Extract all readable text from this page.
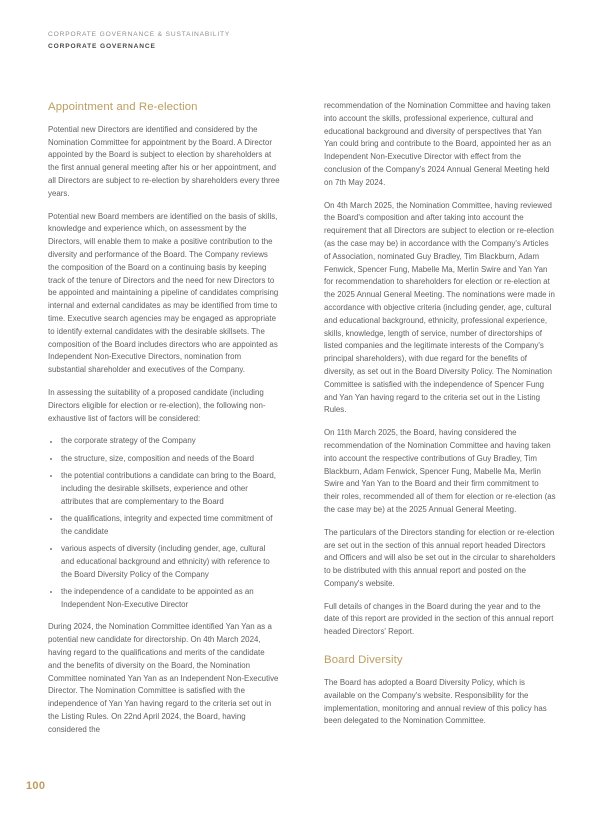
CORPORATE GOVERNANCE & SUSTAINABILITY
CORPORATE GOVERNANCE
Appointment and Re-election

Potential new Directors are identified and considered by the Nomination Committee for appointment by the Board. A Director appointed by the Board is subject to election by shareholders at the first annual general meeting after his or her appointment, and all Directors are subject to re-election by shareholders every three years.

Potential new Board members are identified on the basis of skills, knowledge and experience which, on assessment by the Directors, will enable them to make a positive contribution to the diversity and performance of the Board. The Company reviews the composition of the Board on a continuing basis by keeping track of the tenure of Directors and the need for new Directors to be appointed and maintaining a pipeline of candidates comprising internal and external candidates as may be identified from time to time. Executive search agencies may be engaged as appropriate to identify external candidates with the desirable skillsets. The composition of the Board includes directors who are appointed as Independent Non-Executive Directors, nomination from substantial shareholder and executives of the Company.

In assessing the suitability of a proposed candidate (including Directors eligible for election or re-election), the following non-exhaustive list of factors will be considered:

the corporate strategy of the Company
the structure, size, composition and needs of the Board
the potential contributions a candidate can bring to the Board, including the desirable skillsets, experience and other attributes that are complementary to the Board
the qualifications, integrity and expected time commitment of the candidate
various aspects of diversity (including gender, age, cultural and educational background and ethnicity) with reference to the Board Diversity Policy of the Company
the independence of a candidate to be appointed as an Independent Non-Executive Director

During 2024, the Nomination Committee identified Yan Yan as a potential new candidate for directorship. On 4th March 2024, having regard to the qualifications and merits of the candidate and the benefits of diversity on the Board, the Nomination Committee nominated Yan Yan as an Independent Non-Executive Director. The Nomination Committee is satisfied with the independence of Yan Yan having regard to the criteria set out in the Listing Rules. On 22nd April 2024, the Board, having considered the

recommendation of the Nomination Committee and having taken into account the skills, professional experience, cultural and educational background and diversity of perspectives that Yan Yan could bring and contribute to the Board, appointed her as an Independent Non-Executive Director with effect from the conclusion of the Company's 2024 Annual General Meeting held on 7th May 2024.

On 4th March 2025, the Nomination Committee, having reviewed the Board's composition and after taking into account the requirement that all Directors are subject to election or re-election (as the case may be) in accordance with the Company's Articles of Association, nominated Guy Bradley, Tim Blackburn, Adam Fenwick, Spencer Fung, Mabelle Ma, Merlin Swire and Yan Yan for recommendation to shareholders for election or re-election at the 2025 Annual General Meeting. The nominations were made in accordance with objective criteria (including gender, age, cultural and educational background, ethnicity, professional experience, skills, knowledge, length of service, number of directorships of listed companies and the legitimate interests of the Company's principal shareholders), with due regard for the benefits of diversity, as set out in the Board Diversity Policy. The Nomination Committee is satisfied with the independence of Spencer Fung and Yan Yan having regard to the criteria set out in the Listing Rules.

On 11th March 2025, the Board, having considered the recommendation of the Nomination Committee and having taken into account the respective contributions of Guy Bradley, Tim Blackburn, Adam Fenwick, Spencer Fung, Mabelle Ma, Merlin Swire and Yan Yan to the Board and their firm commitment to their roles, recommended all of them for election or re-election (as the case may be) at the 2025 Annual General Meeting.

The particulars of the Directors standing for election or re-election are set out in the section of this annual report headed Directors and Officers and will also be set out in the circular to shareholders to be distributed with this annual report and posted on the Company's website.

Full details of changes in the Board during the year and to the date of this report are provided in the section of this annual report headed Directors' Report.

Board Diversity

The Board has adopted a Board Diversity Policy, which is available on the Company's website. Responsibility for the implementation, monitoring and annual review of this policy has been delegated to the Nomination Committee.

100
